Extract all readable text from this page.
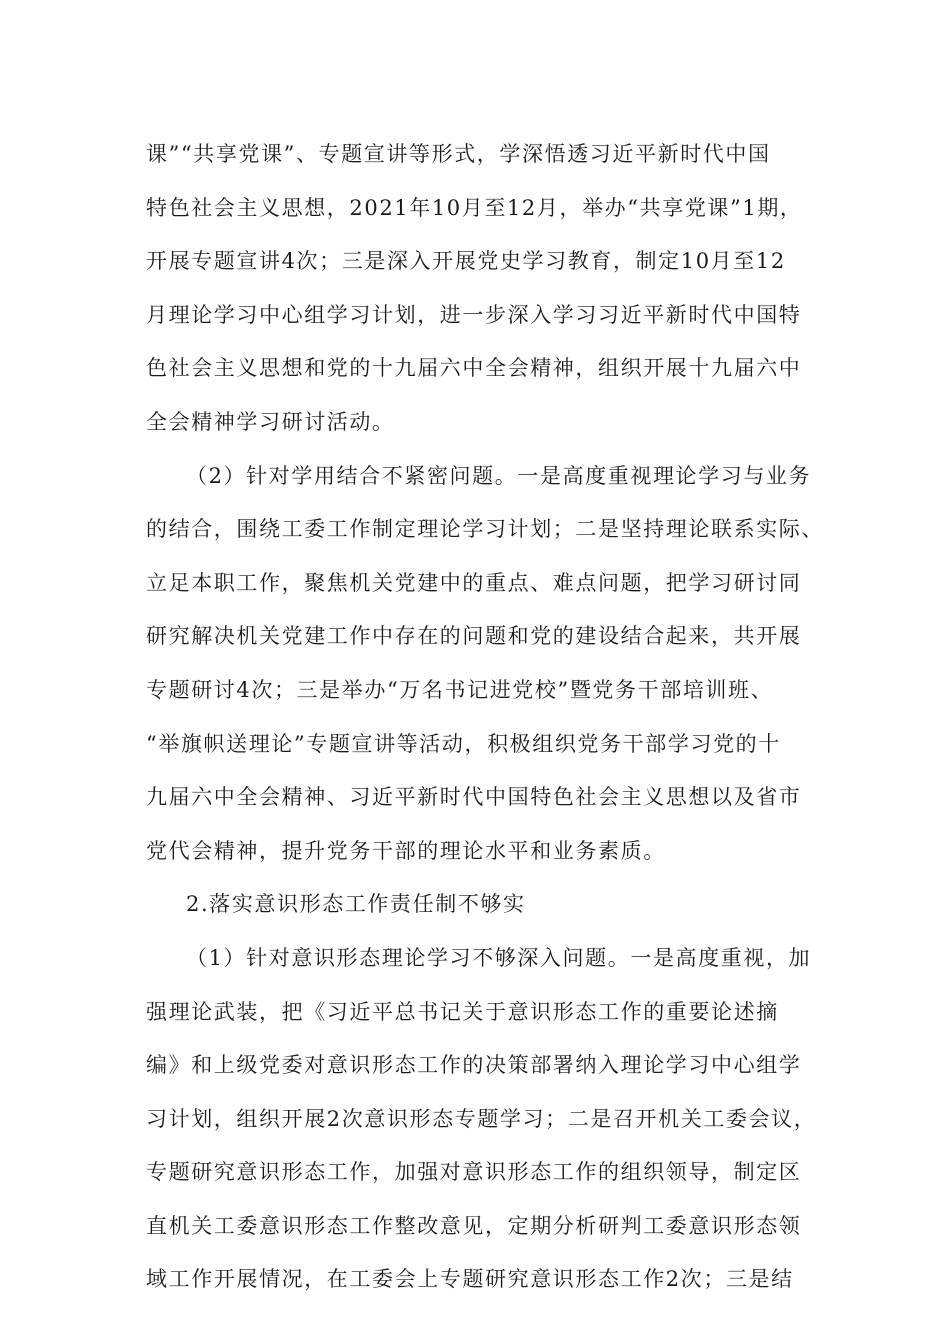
课”“共享党课”、专题宣讲等形式，学深悟透习近平新时代中国
特色社会主义思想，2021年10月至12月，举办“共享党课”1期，
开展专题宣讲4次；三是深入开展党史学习教育，制定10月至12
月理论学习中心组学习计划，进一步深入学习习近平新时代中国特
色社会主义思想和党的十九届六中全会精神，组织开展十九届六中
全会精神学习研讨活动。
（2）针对学用结合不紧密问题。一是高度重视理论学习与业务
的结合，围绕工委工作制定理论学习计划；二是坚持理论联系实际、
立足本职工作，聚焦机关党建中的重点、难点问题，把学习研讨同
研究解决机关党建工作中存在的问题和党的建设结合起来，共开展
专题研讨4次；三是举办“万名书记进党校”暨党务干部培训班、
“举旗帜送理论”专题宣讲等活动，积极组织党务干部学习党的十
九届六中全会精神、习近平新时代中国特色社会主义思想以及省市
党代会精神，提升党务干部的理论水平和业务素质。
2.落实意识形态工作责任制不够实
（1）针对意识形态理论学习不够深入问题。一是高度重视，加
强理论武装，把《习近平总书记关于意识形态工作的重要论述摘
编》和上级党委对意识形态工作的决策部署纳入理论学习中心组学
习计划，组织开展2次意识形态专题学习；二是召开机关工委会议，
专题研究意识形态工作，加强对意识形态工作的组织领导，制定区
直机关工委意识形态工作整改意见，定期分析研判工委意识形态领
域工作开展情况，在工委会上专题研究意识形态工作2次；三是结
